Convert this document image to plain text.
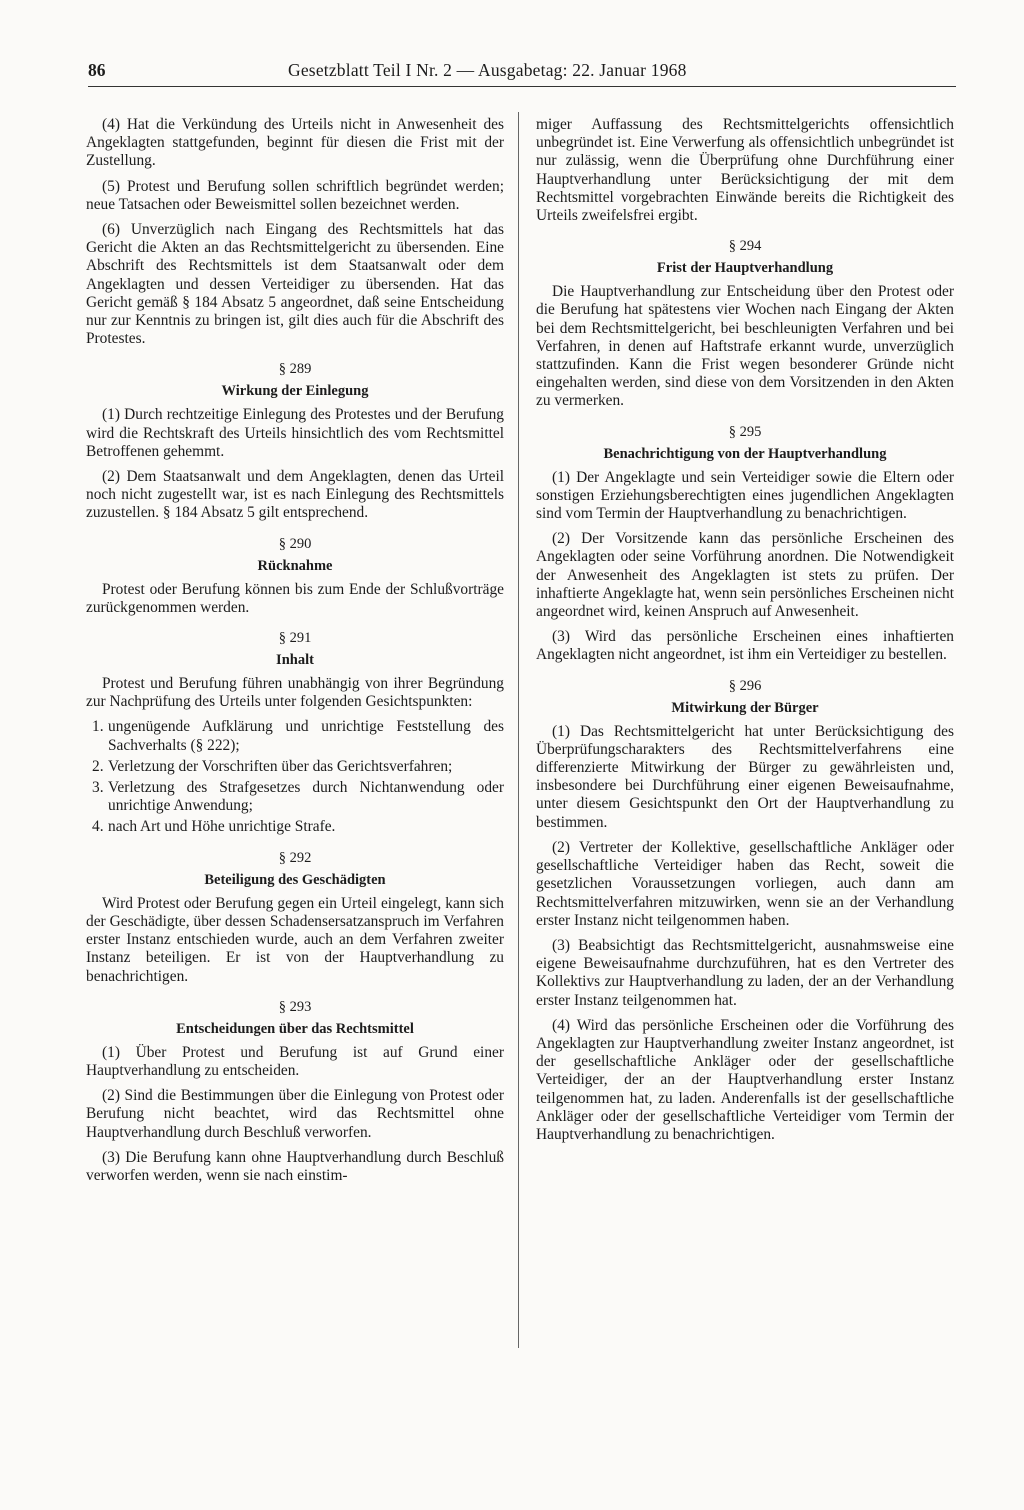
86	Gesetzblatt Teil I Nr. 2 — Ausgabetag: 22. Januar 1968

(4) Hat die Verkündung des Urteils nicht in Anwesenheit des Angeklagten stattgefunden, beginnt für diesen die Frist mit der Zustellung.

(5) Protest und Berufung sollen schriftlich begründet werden; neue Tatsachen oder Beweismittel sollen bezeichnet werden.

(6) Unverzüglich nach Eingang des Rechtsmittels hat das Gericht die Akten an das Rechtsmittelgericht zu übersenden. Eine Abschrift des Rechtsmittels ist dem Staatsanwalt oder dem Angeklagten und dessen Verteidiger zu übersenden. Hat das Gericht gemäß § 184 Absatz 5 angeordnet, daß seine Entscheidung nur zur Kenntnis zu bringen ist, gilt dies auch für die Abschrift des Protestes.

§ 289
Wirkung der Einlegung

(1) Durch rechtzeitige Einlegung des Protestes und der Berufung wird die Rechtskraft des Urteils hinsichtlich des vom Rechtsmittel Betroffenen gehemmt.

(2) Dem Staatsanwalt und dem Angeklagten, denen das Urteil noch nicht zugestellt war, ist es nach Einlegung des Rechtsmittels zuzustellen. § 184 Absatz 5 gilt entsprechend.

§ 290
Rücknahme

Protest oder Berufung können bis zum Ende der Schlußvorträge zurückgenommen werden.

§ 291
Inhalt

Protest und Berufung führen unabhängig von ihrer Begründung zur Nachprüfung des Urteils unter folgenden Gesichtspunkten:

1. ungenügende Aufklärung und unrichtige Feststellung des Sachverhalts (§ 222);
2. Verletzung der Vorschriften über das Gerichtsverfahren;
3. Verletzung des Strafgesetzes durch Nichtanwendung oder unrichtige Anwendung;
4. nach Art und Höhe unrichtige Strafe.
§ 292
Beteiligung des Geschädigten

Wird Protest oder Berufung gegen ein Urteil eingelegt, kann sich der Geschädigte, über dessen Schadensersatzanspruch im Verfahren erster Instanz entschieden wurde, auch an dem Verfahren zweiter Instanz beteiligen. Er ist von der Hauptverhandlung zu benachrichtigen.

§ 293
Entscheidungen über das Rechtsmittel

(1) Über Protest und Berufung ist auf Grund einer Hauptverhandlung zu entscheiden.

(2) Sind die Bestimmungen über die Einlegung von Protest oder Berufung nicht beachtet, wird das Rechtsmittel ohne Hauptverhandlung durch Beschluß verworfen.

(3) Die Berufung kann ohne Hauptverhandlung durch Beschluß verworfen werden, wenn sie nach einstim-

miger Auffassung des Rechtsmittelgerichts offensichtlich unbegründet ist. Eine Verwerfung als offensichtlich unbegründet ist nur zulässig, wenn die Überprüfung ohne Durchführung einer Hauptverhandlung unter Berücksichtigung der mit dem Rechtsmittel vorgebrachten Einwände bereits die Richtigkeit des Urteils zweifelsfrei ergibt.

§ 294
Frist der Hauptverhandlung

Die Hauptverhandlung zur Entscheidung über den Protest oder die Berufung hat spätestens vier Wochen nach Eingang der Akten bei dem Rechtsmittelgericht, bei beschleunigten Verfahren und bei Verfahren, in denen auf Haftstrafe erkannt wurde, unverzüglich stattzufinden. Kann die Frist wegen besonderer Gründe nicht eingehalten werden, sind diese von dem Vorsitzenden in den Akten zu vermerken.

§ 295
Benachrichtigung von der Hauptverhandlung

(1) Der Angeklagte und sein Verteidiger sowie die Eltern oder sonstigen Erziehungsberechtigten eines jugendlichen Angeklagten sind vom Termin der Hauptverhandlung zu benachrichtigen.

(2) Der Vorsitzende kann das persönliche Erscheinen des Angeklagten oder seine Vorführung anordnen. Die Notwendigkeit der Anwesenheit des Angeklagten ist stets zu prüfen. Der inhaftierte Angeklagte hat, wenn sein persönliches Erscheinen nicht angeordnet wird, keinen Anspruch auf Anwesenheit.

(3) Wird das persönliche Erscheinen eines inhaftierten Angeklagten nicht angeordnet, ist ihm ein Verteidiger zu bestellen.

§ 296
Mitwirkung der Bürger

(1) Das Rechtsmittelgericht hat unter Berücksichtigung des Überprüfungscharakters des Rechtsmittelverfahrens eine differenzierte Mitwirkung der Bürger zu gewährleisten und, insbesondere bei Durchführung einer eigenen Beweisaufnahme, unter diesem Gesichtspunkt den Ort der Hauptverhandlung zu bestimmen.

(2) Vertreter der Kollektive, gesellschaftliche Ankläger oder gesellschaftliche Verteidiger haben das Recht, soweit die gesetzlichen Voraussetzungen vorliegen, auch dann am Rechtsmittelverfahren mitzuwirken, wenn sie an der Verhandlung erster Instanz nicht teilgenommen haben.

(3) Beabsichtigt das Rechtsmittelgericht, ausnahmsweise eine eigene Beweisaufnahme durchzuführen, hat es den Vertreter des Kollektivs zur Hauptverhandlung zu laden, der an der Verhandlung erster Instanz teilgenommen hat.

(4) Wird das persönliche Erscheinen oder die Vorführung des Angeklagten zur Hauptverhandlung zweiter Instanz angeordnet, ist der gesellschaftliche Ankläger oder der gesellschaftliche Verteidiger, der an der Hauptverhandlung erster Instanz teilgenommen hat, zu laden. Anderenfalls ist der gesellschaftliche Ankläger oder der gesellschaftliche Verteidiger vom Termin der Hauptverhandlung zu benachrichtigen.
